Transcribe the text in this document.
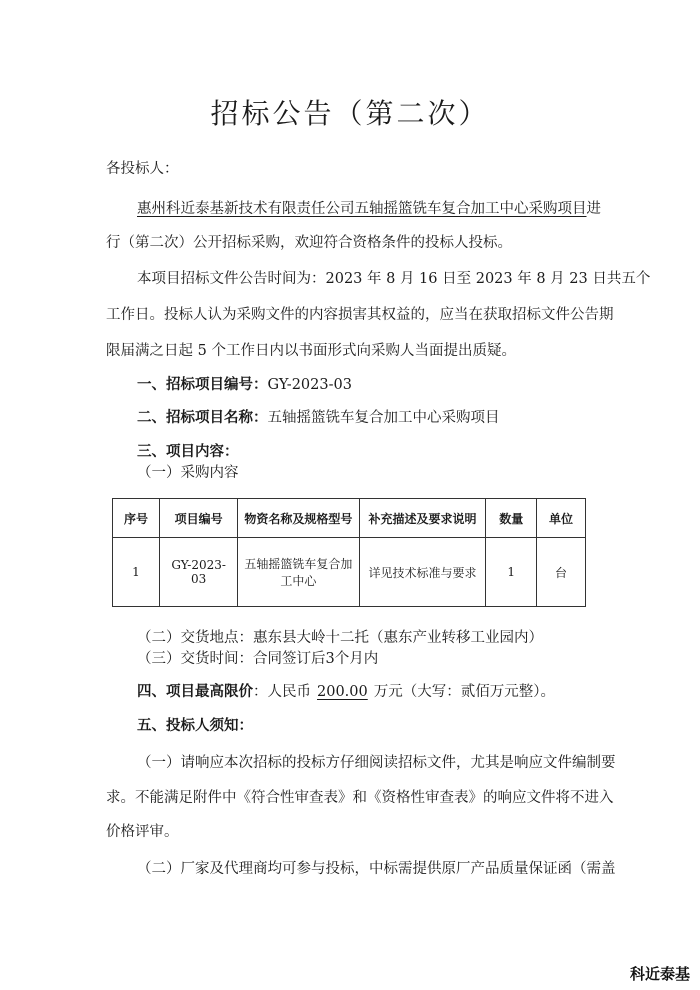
招标公告（第二次）
各投标人：
惠州科近泰基新技术有限责任公司五轴摇篮铣车复合加工中心采购项目进
行（第二次）公开招标采购，欢迎符合资格条件的投标人投标。
本项目招标文件公告时间为：2023 年 8 月 16 日至 2023 年 8 月 23 日共五个
工作日。投标人认为采购文件的内容损害其权益的，应当在获取招标文件公告期
限届满之日起 5 个工作日内以书面形式向采购人当面提出质疑。
一、招标项目编号：GY-2023-03
二、招标项目名称：五轴摇篮铣车复合加工中心采购项目
三、项目内容：
（一）采购内容
序号	项目编号	物资名称及规格型号	补充描述及要求说明	数量	单位
1	GY-2023-03	五轴摇篮铣车复合加
工中心	详见技术标准与要求	1	台
（二）交货地点：惠东县大岭十二托（惠东产业转移工业园内）
（三）交货时间：合同签订后3个月内
四、项目最高限价：人民币 200.00 万元（大写：贰佰万元整）。
五、投标人须知：
（一）请响应本次招标的投标方仔细阅读招标文件，尤其是响应文件编制要
求。不能满足附件中《符合性审查表》和《资格性审查表》的响应文件将不进入
价格评审。
（二）厂家及代理商均可参与投标，中标需提供原厂产品质量保证函（需盖
科近泰基
